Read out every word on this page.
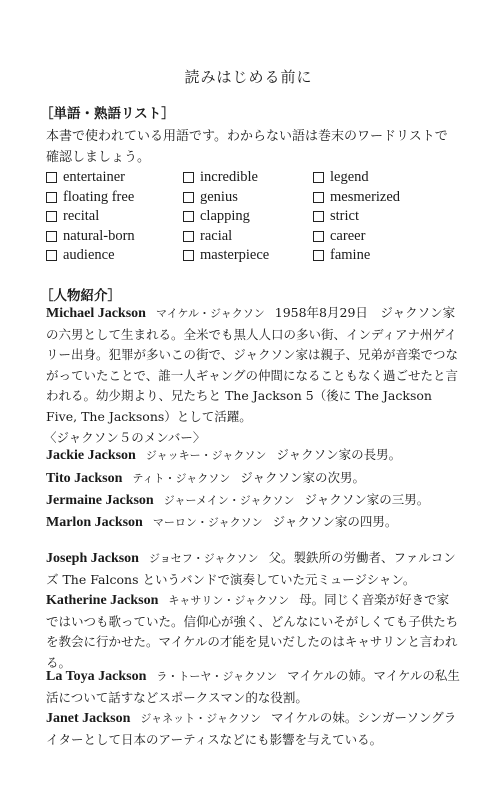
読みはじめる前に
［単語・熟語リスト］
本書で使われている用語です。わからない語は巻末のワードリストで確認しましょう。
entertainer	incredible	legend
floating free	genius	mesmerized
recital	clapping	strict
natural-born	racial	career
audience	masterpiece	famine
［人物紹介］
Michael Jackson マイケル・ジャクソン 1958年8月29日　ジャクソン家の六男として生まれる。全米でも黒人人口の多い街、インディアナ州ゲイリー出身。犯罪が多いこの街で、ジャクソン家は親子、兄弟が音楽でつながっていたことで、誰一人ギャングの仲間になることもなく過ごせたと言われる。幼少期より、兄たちと The Jackson 5（後に The Jackson Five, The Jacksons）として活躍。
〈ジャクソン５のメンバー〉
Jackie Jackson ジャッキー・ジャクソン ジャクソン家の長男。
Tito Jackson ティト・ジャクソン ジャクソン家の次男。
Jermaine Jackson ジャーメイン・ジャクソン ジャクソン家の三男。
Marlon Jackson マーロン・ジャクソン ジャクソン家の四男。
Joseph Jackson ジョセフ・ジャクソン 父。製鉄所の労働者、ファルコンズ The Falcons というバンドで演奏していた元ミュージシャン。
Katherine Jackson キャサリン・ジャクソン 母。同じく音楽が好きで家ではいつも歌っていた。信仰心が強く、どんなにいそがしくても子供たちを教会に行かせた。マイケルの才能を見いだしたのはキャサリンと言われる。
La Toya Jackson ラ・トーヤ・ジャクソン マイケルの姉。マイケルの私生活について話すなどスポークスマン的な役割。
Janet Jackson ジャネット・ジャクソン マイケルの妹。シンガーソングライターとして日本のアーティスなどにも影響を与えている。
